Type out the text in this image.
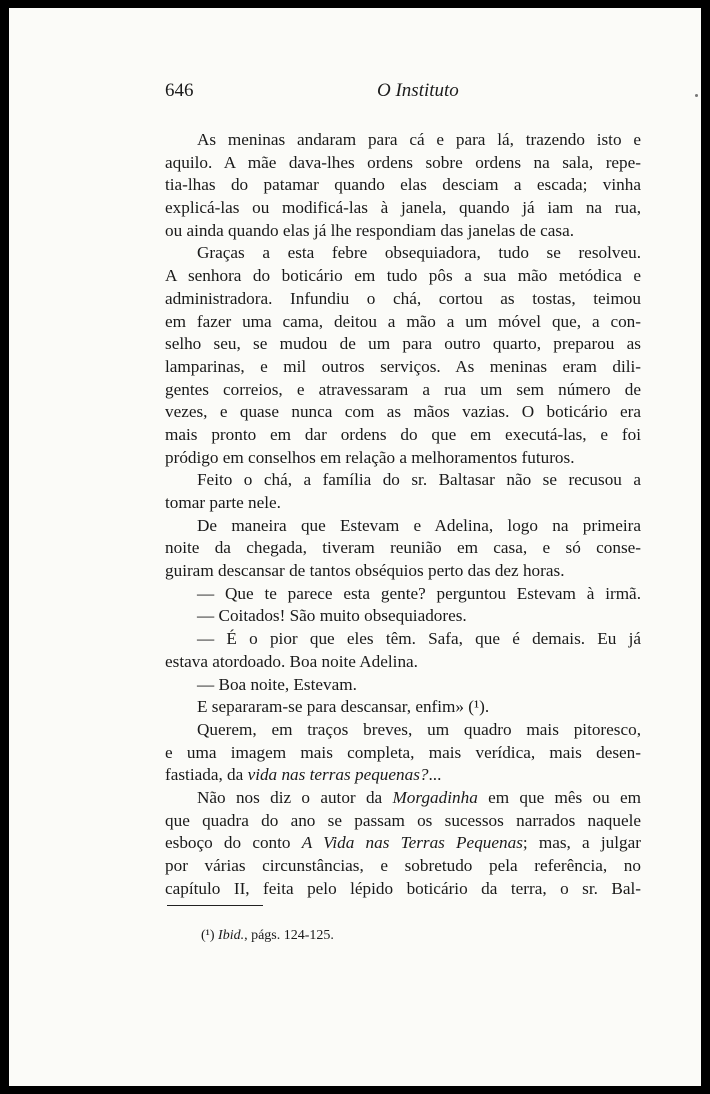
646	O Instituto
As meninas andaram para cá e para lá, trazendo isto e
aquilo. A mãe dava-lhes ordens sobre ordens na sala, repe-
tia-lhas do patamar quando elas desciam a escada; vinha
explicá-las ou modificá-las à janela, quando já iam na rua,
ou ainda quando elas já lhe respondiam das janelas de casa.
Graças a esta febre obsequiadora, tudo se resolveu.
A senhora do boticário em tudo pôs a sua mão metódica e
administradora. Infundiu o chá, cortou as tostas, teimou
em fazer uma cama, deitou a mão a um móvel que, a con-
selho seu, se mudou de um para outro quarto, preparou as
lamparinas, e mil outros serviços. As meninas eram dili-
gentes correios, e atravessaram a rua um sem número de
vezes, e quase nunca com as mãos vazias. O boticário era
mais pronto em dar ordens do que em executá-las, e foi
pródigo em conselhos em relação a melhoramentos futuros.
Feito o chá, a família do sr. Baltasar não se recusou a
tomar parte nele.
De maneira que Estevam e Adelina, logo na primeira
noite da chegada, tiveram reunião em casa, e só conse-
guiram descansar de tantos obséquios perto das dez horas.
— Que te parece esta gente? perguntou Estevam à irmã.
— Coitados! São muito obsequiadores.
— É o pior que eles têm. Safa, que é demais. Eu já
estava atordoado. Boa noite Adelina.
— Boa noite, Estevam.
E separaram-se para descansar, enfim» (¹).
Querem, em traços breves, um quadro mais pitoresco,
e uma imagem mais completa, mais verídica, mais desen-
fastiada, da vida nas terras pequenas?...
Não nos diz o autor da Morgadinha em que mês ou em
que quadra do ano se passam os sucessos narrados naquele
esboço do conto A Vida nas Terras Pequenas; mas, a julgar
por várias circunstâncias, e sobretudo pela referência, no
capítulo II, feita pelo lépido boticário da terra, o sr. Bal-
(¹) Ibid., págs. 124-125.
